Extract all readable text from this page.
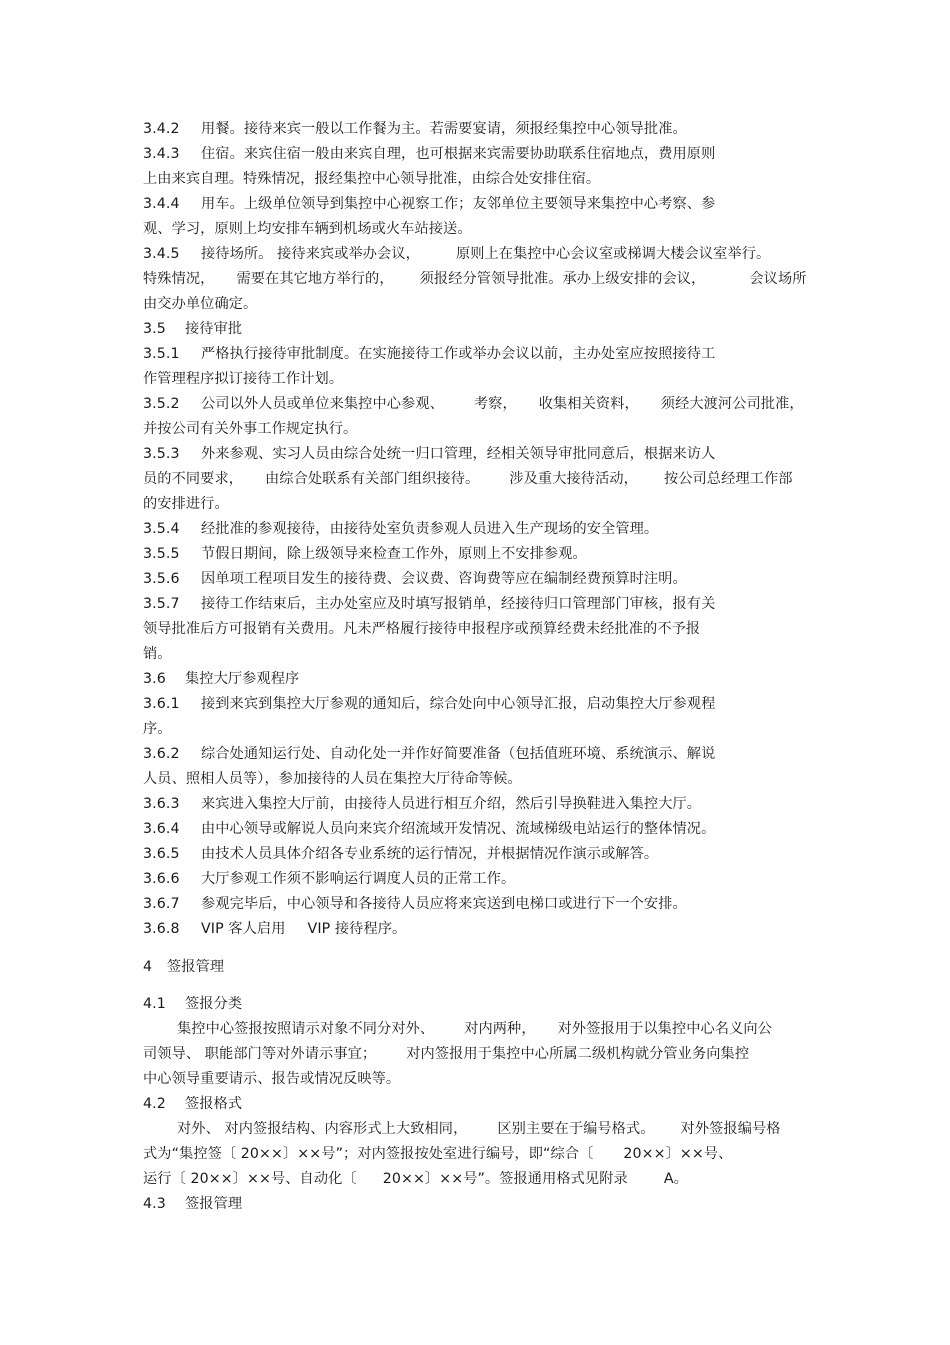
3.4.2 用餐。接待来宾一般以工作餐为主。若需要宴请，须报经集控中心领导批准。
3.4.3 住宿。来宾住宿一般由来宾自理，也可根据来宾需要协助联系住宿地点，费用原则
上由来宾自理。特殊情况，报经集控中心领导批准，由综合处安排住宿。
3.4.4 用车。上级单位领导到集控中心视察工作；友邻单位主要领导来集控中心考察、参
观、学习，原则上均安排车辆到机场或火车站接送。
3.4.5 接待场所。 接待来宾或举办会议，	原则上在集控中心会议室或梯调大楼会议室举行。
特殊情况， 需要在其它地方举行的， 须报经分管领导批准。承办上级安排的会议，	会议场所
由交办单位确定。
3.5 接待审批
3.5.1 严格执行接待审批制度。在实施接待工作或举办会议以前，主办处室应按照接待工
作管理程序拟订接待工作计划。
3.5.2 公司以外人员或单位来集控中心参观、 考察， 收集相关资料， 须经大渡河公司批准，
并按公司有关外事工作规定执行。
3.5.3 外来参观、实习人员由综合处统一归口管理，经相关领导审批同意后，根据来访人
员的不同要求， 由综合处联系有关部门组织接待。 涉及重大接待活动， 按公司总经理工作部
的安排进行。
3.5.4 经批准的参观接待，由接待处室负责参观人员进入生产现场的安全管理。
3.5.5 节假日期间，除上级领导来检查工作外，原则上不安排参观。
3.5.6 因单项工程项目发生的接待费、会议费、咨询费等应在编制经费预算时注明。
3.5.7 接待工作结束后，主办处室应及时填写报销单，经接待归口管理部门审核，报有关
领导批准后方可报销有关费用。凡未严格履行接待申报程序或预算经费未经批准的不予报
销。
3.6 集控大厅参观程序
3.6.1 接到来宾到集控大厅参观的通知后，综合处向中心领导汇报，启动集控大厅参观程
序。
3.6.2 综合处通知运行处、自动化处一并作好简要准备（包括值班环境、系统演示、解说
人员、照相人员等），参加接待的人员在集控大厅待命等候。
3.6.3 来宾进入集控大厅前，由接待人员进行相互介绍，然后引导换鞋进入集控大厅。
3.6.4 由中心领导或解说人员向来宾介绍流域开发情况、流域梯级电站运行的整体情况。
3.6.5 由技术人员具体介绍各专业系统的运行情况，并根据情况作演示或解答。
3.6.6 大厅参观工作须不影响运行调度人员的正常工作。
3.6.7 参观完毕后，中心领导和各接待人员应将来宾送到电梯口或进行下一个安排。
3.6.8 VIP 客人启用 VIP 接待程序。
4 签报管理
4.1 签报分类
集控中心签报按照请示对象不同分对外、 对内两种， 对外签报用于以集控中心名义向公
司领导、 职能部门等对外请示事宜； 对内签报用于集控中心所属二级机构就分管业务向集控
中心领导重要请示、报告或情况反映等。
4.2 签报格式
对外、 对内签报结构、内容形式上大致相同， 区别主要在于编号格式。 对外签报编号格
式为“集控签〔 20××〕××号”；对内签报按处室进行编号，即“综合〔 20××〕××号、
运行〔 20××〕××号、自动化〔 20××〕××号”。签报通用格式见附录	A。
4.3 签报管理
